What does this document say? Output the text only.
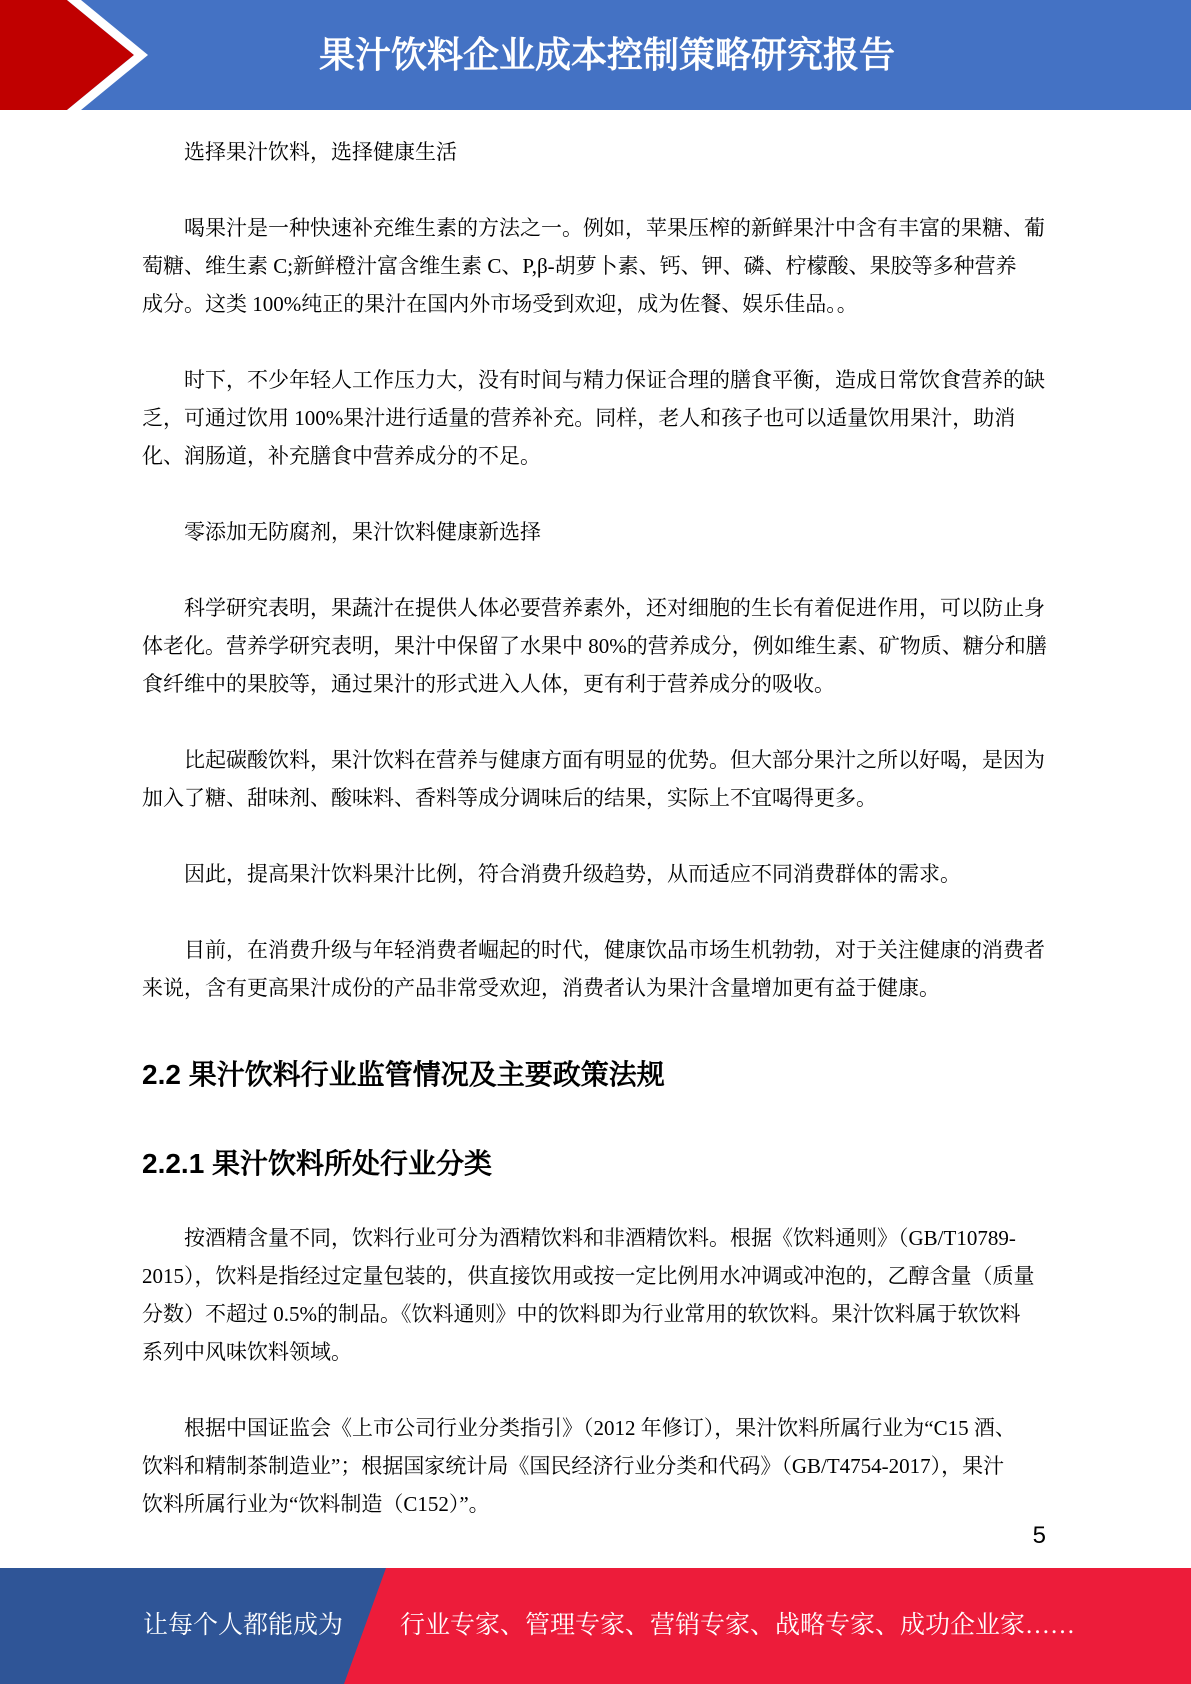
果汁饮料企业成本控制策略研究报告
选择果汁饮料，选择健康生活
喝果汁是一种快速补充维生素的方法之一。例如，苹果压榨的新鲜果汁中含有丰富的果糖、葡
萄糖、维生素 C;新鲜橙汁富含维生素 C、P,β-胡萝卜素、钙、钾、磷、柠檬酸、果胶等多种营养
成分。这类 100%纯正的果汁在国内外市场受到欢迎，成为佐餐、娱乐佳品。。
时下，不少年轻人工作压力大，没有时间与精力保证合理的膳食平衡，造成日常饮食营养的缺
乏，可通过饮用 100%果汁进行适量的营养补充。同样，老人和孩子也可以适量饮用果汁，助消
化、润肠道，补充膳食中营养成分的不足。
零添加无防腐剂，果汁饮料健康新选择
科学研究表明，果蔬汁在提供人体必要营养素外，还对细胞的生长有着促进作用，可以防止身
体老化。营养学研究表明，果汁中保留了水果中 80%的营养成分，例如维生素、矿物质、糖分和膳
食纤维中的果胶等，通过果汁的形式进入人体，更有利于营养成分的吸收。
比起碳酸饮料，果汁饮料在营养与健康方面有明显的优势。但大部分果汁之所以好喝，是因为
加入了糖、甜味剂、酸味料、香料等成分调味后的结果，实际上不宜喝得更多。
因此，提高果汁饮料果汁比例，符合消费升级趋势，从而适应不同消费群体的需求。
目前，在消费升级与年轻消费者崛起的时代，健康饮品市场生机勃勃，对于关注健康的消费者
来说，含有更高果汁成份的产品非常受欢迎，消费者认为果汁含量增加更有益于健康。
2.2 果汁饮料行业监管情况及主要政策法规
2.2.1 果汁饮料所处行业分类
按酒精含量不同，饮料行业可分为酒精饮料和非酒精饮料。根据《饮料通则》（GB/T10789-
2015），饮料是指经过定量包装的，供直接饮用或按一定比例用水冲调或冲泡的，乙醇含量（质量
分数）不超过 0.5%的制品。《饮料通则》中的饮料即为行业常用的软饮料。果汁饮料属于软饮料
系列中风味饮料领域。
根据中国证监会《上市公司行业分类指引》（2012 年修订），果汁饮料所属行业为“C15 酒、
饮料和精制茶制造业”；根据国家统计局《国民经济行业分类和代码》（GB/T4754-2017），果汁
饮料所属行业为“饮料制造（C152）”。
5
让每个人都能成为 行业专家、管理专家、营销专家、战略专家、成功企业家……
